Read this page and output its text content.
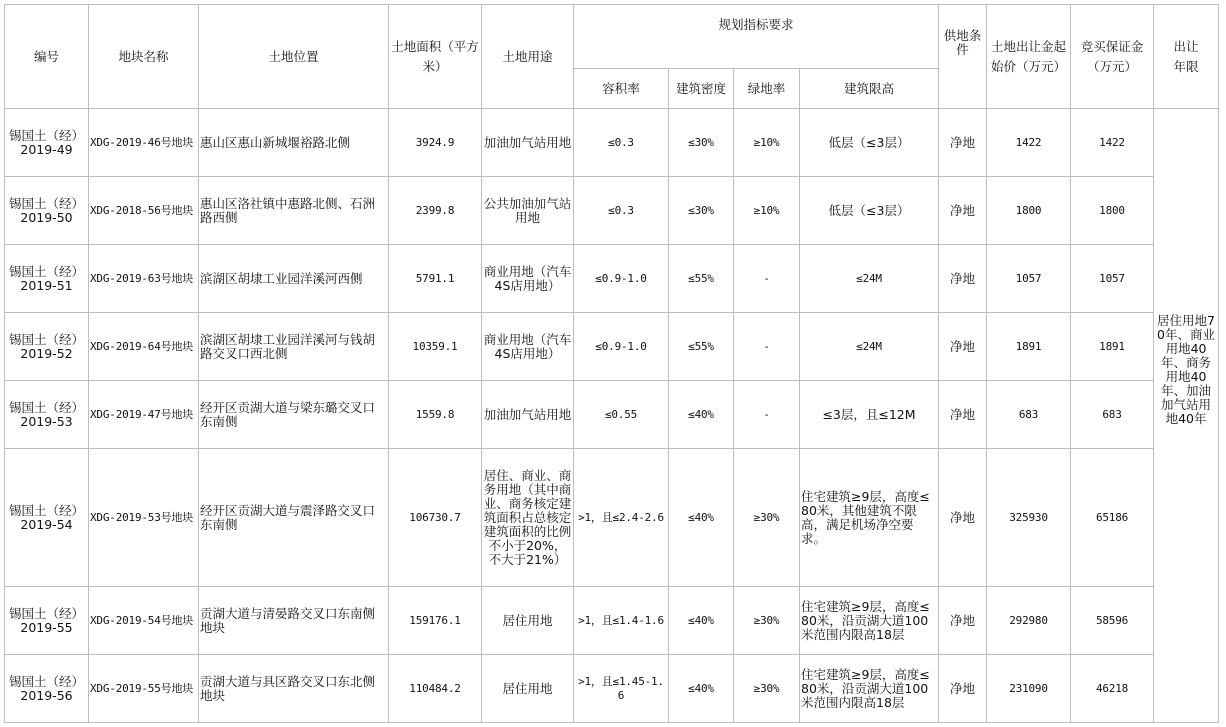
编号	地块名称	土地位置	土地面积（平方米）	土地用途	规划指标要求				供地条件	土地出让金起始价（万元）	竞买保证金（万元）	出让年限
					容积率	建筑密度	绿地率	建筑限高				
锡国土（经）2019-49	XDG-2019-46号地块	惠山区惠山新城堰裕路北侧	3924.9	加油加气站用地	≤0.3	≤30%	≥10%	低层（≤3层）	净地	1422	1422	居住用地70年、商业用地40年、商务用地40年、加油加气站用地40年
锡国土（经）2019-50	XDG-2018-56号地块	惠山区洛社镇中惠路北侧、石洲路西侧	2399.8	公共加油加气站用地	≤0.3	≤30%	≥10%	低层（≤3层）	净地	1800	1800	
锡国土（经）2019-51	XDG-2019-63号地块	滨湖区胡埭工业园洋溪河西侧	5791.1	商业用地（汽车4S店用地）	≤0.9-1.0	≤55%	-	≤24M	净地	1057	1057	
锡国土（经）2019-52	XDG-2019-64号地块	滨湖区胡埭工业园洋溪河与钱胡路交叉口西北侧	10359.1	商业用地（汽车4S店用地）	≤0.9-1.0	≤55%	-	≤24M	净地	1891	1891	
锡国土（经）2019-53	XDG-2019-47号地块	经开区贡湖大道与梁东璐交叉口东南侧	1559.8	加油加气站用地	≤0.55	≤40%	-	≤3层，且≤12M	净地	683	683	
锡国土（经）2019-54	XDG-2019-53号地块	经开区贡湖大道与震泽路交叉口东南侧	106730.7	居住、商业、商务用地（其中商业、商务核定建筑面积占总核定建筑面积的比例不小于20%，不大于21%）	>1，且≤2.4-2.6	≤40%	≥30%	住宅建筑≥9层，高度≤80米，其他建筑不限高，满足机场净空要求。	净地	325930	65186	
锡国土（经）2019-55	XDG-2019-54号地块	贡湖大道与清晏路交叉口东南侧地块	159176.1	居住用地	>1，且≤1.4-1.6	≤40%	≥30%	住宅建筑≥9层，高度≤80米，沿贡湖大道100米范围内限高18层	净地	292980	58596	
锡国土（经）2019-56	XDG-2019-55号地块	贡湖大道与具区路交叉口东北侧地块	110484.2	居住用地	>1，且≤1.45-1.6	≤40%	≥30%	住宅建筑≥9层，高度≤80米，沿贡湖大道100米范围内限高18层	净地	231090	46218	
